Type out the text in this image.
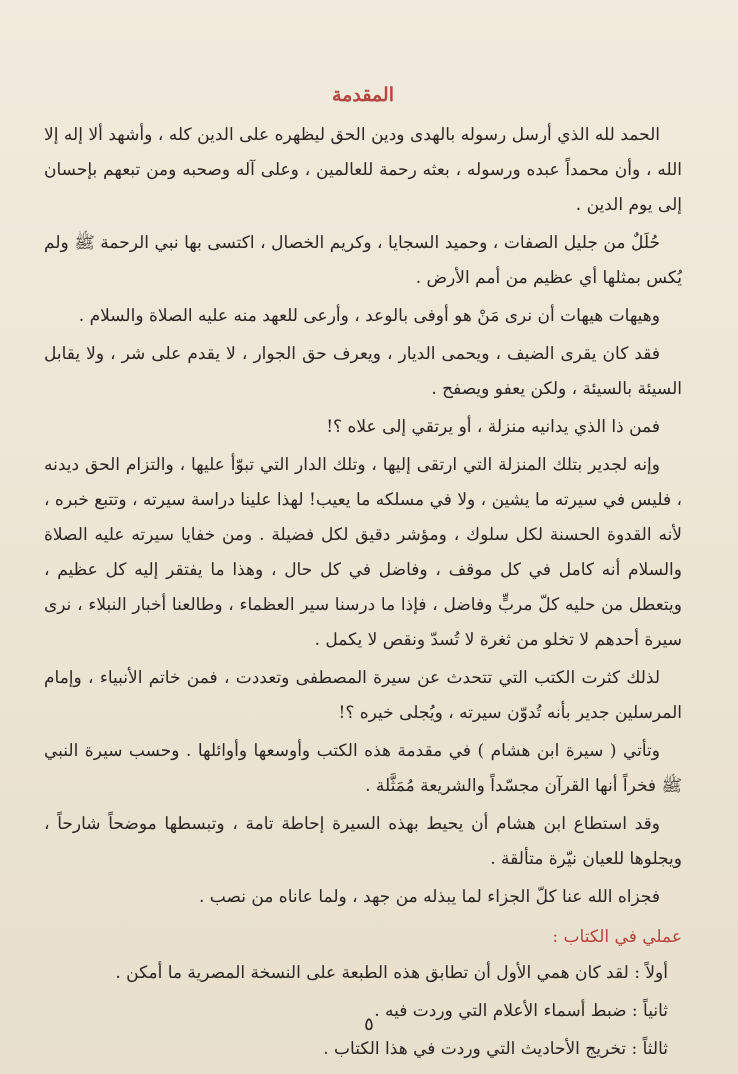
المقدمة

الحمد لله الذي أرسل رسوله بالهدى ودين الحق ليظهره على الدين كله ، وأشهد ألا إله إلا الله ، وأن محمداً عبده ورسوله ، بعثه رحمة للعالمين ، وعلى آله وصحبه ومن تبعهم بإحسان إلى يوم الدين .

حُلَلٌ من جليل الصفات ، وحميد السجايا ، وكريم الخصال ، اكتسى بها نبي الرحمة ﷺ ولم يُكس بمثلها أي عظيم من أمم الأرض .

وهيهات هيهات أن نرى مَنْ هو أوفى بالوعد ، وأرعى للعهد منه عليه الصلاة والسلام .

فقد كان يقرى الضيف ، ويحمى الديار ، ويعرف حق الجوار ، لا يقدم على شر ، ولا يقابل السيئة بالسيئة ، ولكن يعفو ويصفح .

فمن ذا الذي يدانيه منزلة ، أو يرتقي إلى علاه ؟!

وإنه لجدير بتلك المنزلة التي ارتقى إليها ، وتلك الدار التي تبوّأ عليها ، والتزام الحق ديدنه ، فليس في سيرته ما يشين ، ولا في مسلكه ما يعيب! لهذا علينا دراسة سيرته ، وتتبع خبره ، لأنه القدوة الحسنة لكل سلوك ، ومؤشر دقيق لكل فضيلة . ومن خفايا سيرته عليه الصلاة والسلام أنه كامل في كل موقف ، وفاضل في كل حال ، وهذا ما يفتقر إليه كل عظيم ، ويتعطل من حليه كلّ مربٍّ وفاضل ، فإذا ما درسنا سير العظماء ، وطالعنا أخبار النبلاء ، نرى سيرة أحدهم لا تخلو من ثغرة لا تُسدّ ونقص لا يكمل .

لذلك كثرت الكتب التي تتحدث عن سيرة المصطفى وتعددت ، فمن خاتم الأنبياء ، وإمام المرسلين جدير بأنه تُدوّن سيرته ، ويُجلى خيره ؟!

وتأتي ( سيرة ابن هشام ) في مقدمة هذه الكتب وأوسعها وأوائلها . وحسب سيرة النبي ﷺ فخراً أنها القرآن مجسّداً والشريعة مُمَثَّلة .

وقد استطاع ابن هشام أن يحيط بهذه السيرة إحاطة تامة ، وتبسطها موضحاً شارحاً ، ويجلوها للعيان نيّرة متألقة .

فجزاه الله عنا كلّ الجزاء لما يبذله من جهد ، ولما عاناه من نصب .

عملي في الكتاب :
أولاً : لقد كان همي الأول أن تطابق هذه الطبعة على النسخة المصرية ما أمكن .
ثانياً : ضبط أسماء الأعلام التي وردت فيه .
ثالثاً : تخريج الأحاديث التي وردت في هذا الكتاب .
٥
